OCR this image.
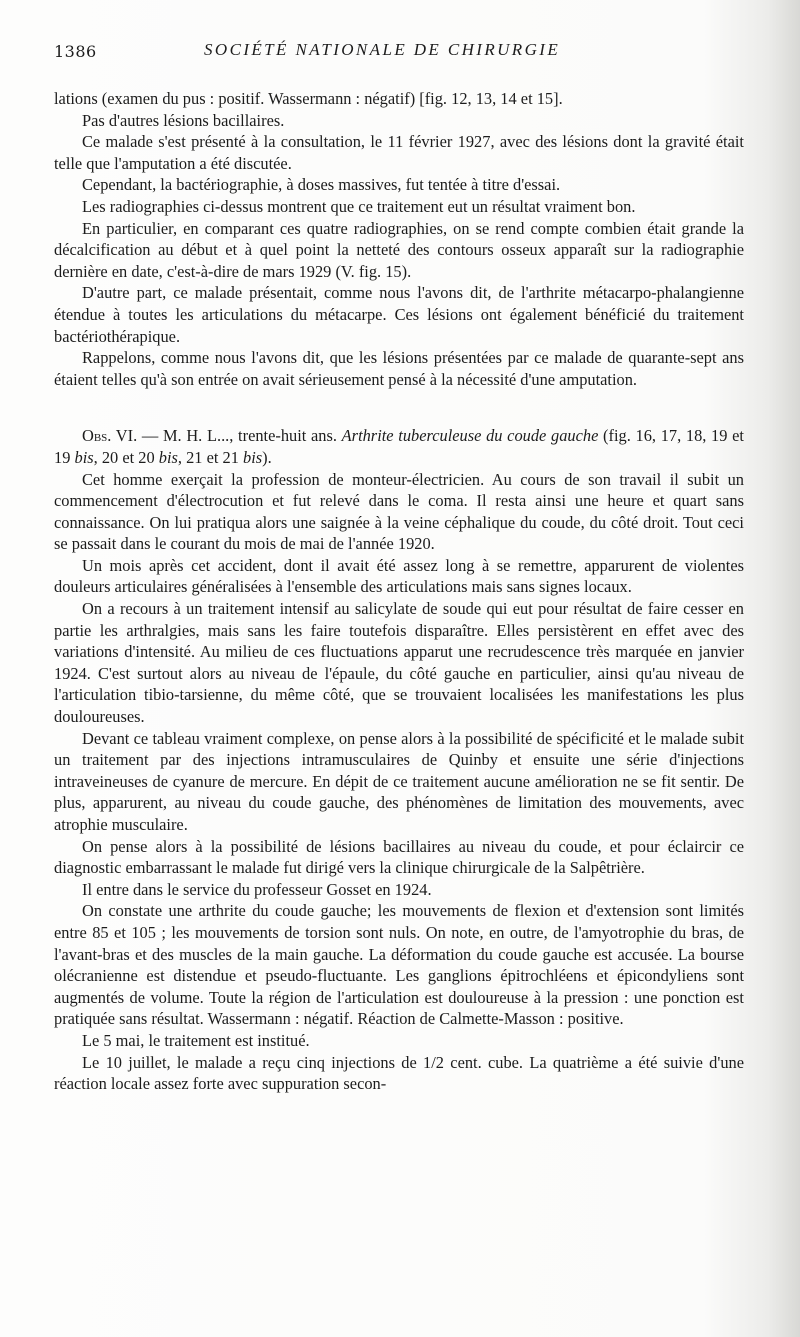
1386	SOCIÉTÉ NATIONALE DE CHIRURGIE

lations (examen du pus : positif. Wassermann : négatif) [fig. 12, 13, 14 et 15].

Pas d'autres lésions bacillaires.

Ce malade s'est présenté à la consultation, le 11 février 1927, avec des lésions dont la gravité était telle que l'amputation a été discutée.

Cependant, la bactériographie, à doses massives, fut tentée à titre d'essai.

Les radiographies ci-dessus montrent que ce traitement eut un résultat vraiment bon.

En particulier, en comparant ces quatre radiographies, on se rend compte combien était grande la décalcification au début et à quel point la netteté des contours osseux apparaît sur la radiographie dernière en date, c'est-à-dire de mars 1929 (V. fig. 15).

D'autre part, ce malade présentait, comme nous l'avons dit, de l'arthrite métacarpo-phalangienne étendue à toutes les articulations du métacarpe. Ces lésions ont également bénéficié du traitement bactériothérapique.

Rappelons, comme nous l'avons dit, que les lésions présentées par ce malade de quarante-sept ans étaient telles qu'à son entrée on avait sérieusement pensé à la nécessité d'une amputation.

Obs. VI. — M. H. L..., trente-huit ans. Arthrite tuberculeuse du coude gauche (fig. 16, 17, 18, 19 et 19 bis, 20 et 20 bis, 21 et 21 bis).

Cet homme exerçait la profession de monteur-électricien. Au cours de son travail il subit un commencement d'électrocution et fut relevé dans le coma. Il resta ainsi une heure et quart sans connaissance. On lui pratiqua alors une saignée à la veine céphalique du coude, du côté droit. Tout ceci se passait dans le courant du mois de mai de l'année 1920.

Un mois après cet accident, dont il avait été assez long à se remettre, apparurent de violentes douleurs articulaires généralisées à l'ensemble des articulations mais sans signes locaux.

On a recours à un traitement intensif au salicylate de soude qui eut pour résultat de faire cesser en partie les arthralgies, mais sans les faire toutefois disparaître. Elles persistèrent en effet avec des variations d'intensité. Au milieu de ces fluctuations apparut une recrudescence très marquée en janvier 1924. C'est surtout alors au niveau de l'épaule, du côté gauche en particulier, ainsi qu'au niveau de l'articulation tibio-tarsienne, du même côté, que se trouvaient localisées les manifestations les plus douloureuses.

Devant ce tableau vraiment complexe, on pense alors à la possibilité de spécificité et le malade subit un traitement par des injections intramusculaires de Quinby et ensuite une série d'injections intraveineuses de cyanure de mercure. En dépit de ce traitement aucune amélioration ne se fit sentir. De plus, apparurent, au niveau du coude gauche, des phénomènes de limitation des mouvements, avec atrophie musculaire.

On pense alors à la possibilité de lésions bacillaires au niveau du coude, et pour éclaircir ce diagnostic embarrassant le malade fut dirigé vers la clinique chirurgicale de la Salpêtrière.

Il entre dans le service du professeur Gosset en 1924.

On constate une arthrite du coude gauche; les mouvements de flexion et d'extension sont limités entre 85 et 105 ; les mouvements de torsion sont nuls. On note, en outre, de l'amyotrophie du bras, de l'avant-bras et des muscles de la main gauche. La déformation du coude gauche est accusée. La bourse olécranienne est distendue et pseudo-fluctuante. Les ganglions épitrochléens et épicondyliens sont augmentés de volume. Toute la région de l'articulation est douloureuse à la pression : une ponction est pratiquée sans résultat. Wassermann : négatif. Réaction de Calmette-Masson : positive.

Le 5 mai, le traitement est institué.

Le 10 juillet, le malade a reçu cinq injections de 1/2 cent. cube. La quatrième a été suivie d'une réaction locale assez forte avec suppuration secon-
